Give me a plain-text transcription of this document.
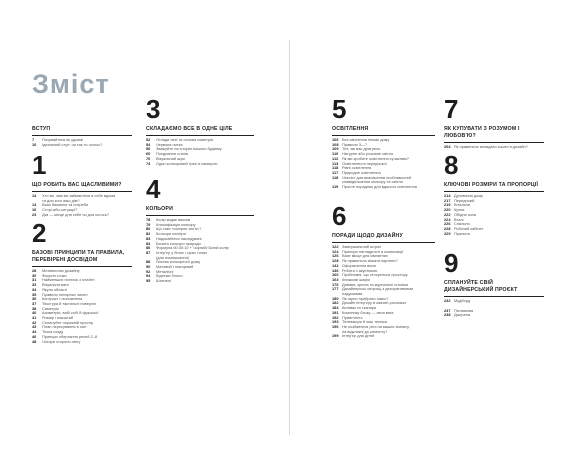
Зміст
ВСТУП
7	Почувайтеся як удома!
10	Ідеальний стул: чи так то чогось?
1
ЩО РОБИТЬ ВАС ЩАСЛИВИМИ?
14	Хто ви, чим ви займаєтеся в себе вдома
та для кого ваш дім?
14	Ваші бажання та потреби
16	Сторі-або-ситуації?
23	Дім — місце для себе чи для когось?
2
БАЗОВІ ПРИНЦИПИ ТА ПРАВИЛА, ПЕРЕВІРЕНІ ДОСВІДОМ
28	Мотивичних дизайну
30	Фокусні точки
31	Найменших нотаток з плаґен
33	Візуальна вага
34	Якуля області
35	Правило непарних чисел
36	Контраст і поставлена
37	Текстура й тактильні поверхні
38	Симетрія
40	Асиметрія, вибі собі й фукоскої
41	Розмір і масштаб
42	Сплануйте порожній простір
43	План пересування в хаті
44	Точка сходу
46	Принцип обертання речей 2–8
48	Чотири сторони світу
3
СКЛАДАЄМО ВСЕ В ОДНЕ ЦІЛЕ
52	Огляди лінії та основа симетрія
54	Червона нитка
56	Зважуйте на історію вашого будинку
60	Поєднання стилів
70	Візуальний шум
74	Один кольоровий трек із камерою
4
КОЛЬОРИ
78	Колір кидає виклик
79	Класифікація кольору
80	Що таке «колірне сімʼя»?
82	Кольори палітри
83	Надихайтеся наслідувані
84	Бачити кольори природи
86	Формула 60:30:10 + Чорний/ Білий колір
87	Інтер'єр у білих і сірих тонах
(для помешкання)
88	Листва кольорного дому
90	Матовий і глянцевий
92	Металічні
94	Відтінки білого
95	Штапелі
5
ОСВІТЛЕННЯ
106 Без світлення немає дому
108 Правило 3—7
109 Тіні, які вас дратують
110 Натурне або розсіяне світло
112 Як ми зробите освітлення сучасним?
113 Освітлення в передпокої
118 Рівні освітлення
117 Природне освітлення
118 Чекліст для визначення особливостей
співвідношення кольору та світла
119 Просте порадник для вдалого освітлення
6
ПОРАДИ ЩОДО ДИЗАЙНУ
122 Завершальний штрих
124 Принцип наглядності в композиції
126 Вазе місце для кімнатних
128 Як правильно вішати картини?
142 Оформлення вікон
146 Робота з акустикою
160 Проблемні, що стосуються простору
164 Книжкові шафи
176 Дивани, крісла та журнальні столики
177 Дизайнерські хитрощі з декоративними
подушками
180 Як гарно прибрати ліжко?
182 Дизайн інтер'єру в кімнаті-росликах
184 Килими та тканяри
191 Комонику бочку — своя вага
192 Привітність
193 Телевізори й інші техніка
196 Не позбавтеся речі на ваших хімнату,
на відкликні до ремонту?
199 Інтер'єр для дітей
7
ЯК КУПУВАТИ З РОЗУМОМ І ЛЮБОВ'Ю?
204 Як правильно вкладати кошти в дизайн?
8
КЛЮЧОВІ РОЗМІРИ ТА ПРОПОРЦІЇ
214 Дупомічна дому
217 Передпокій
219 Вітальня
220 Кухня
222 Обідня зона
224 Вталі
226 Спальня
228 Робочий кабінет
229 Пральня
9
СПЛАНУЙТЕ СВІЙ ДИЗАЙНЕРСЬКИЙ ПРОЄКТ
232 Мудборд
237 Післямова
238 Джерела
